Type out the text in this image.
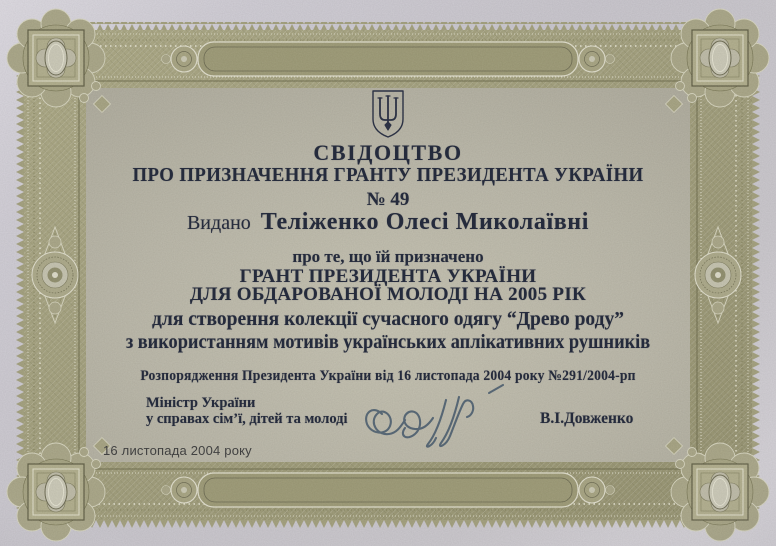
СВІДОЦТВО
ПРО ПРИЗНАЧЕННЯ ГРАНТУ ПРЕЗИДЕНТА УКРАЇНИ
№ 49
Видано Теліженко Олесі Миколаївні
про те, що їй призначено
ГРАНТ ПРЕЗИДЕНТА УКРАЇНИ
ДЛЯ ОБДАРОВАНОЇ МОЛОДІ НА 2005 РІК
для створення колекції сучасного одягу “Древо роду”
з використанням мотивів українських аплікативних рушників
Розпорядження Президента України від 16 листопада 2004 року №291/2004-рп
Міністр України
у справах сім’ї, дітей та молоді	В.І.Довженко
16 листопада 2004 року
